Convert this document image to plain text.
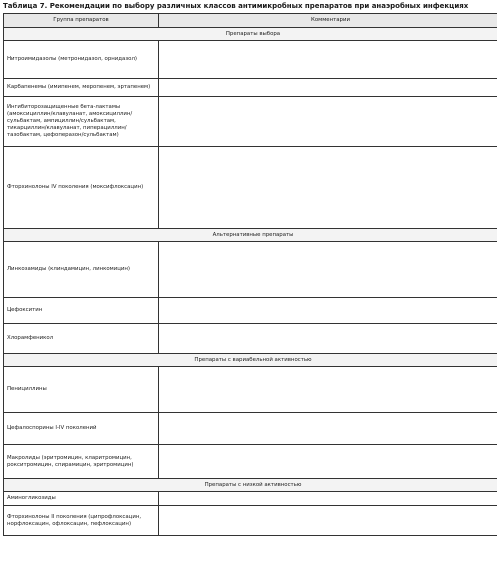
Таблица 7. Рекомендации по выбору различных классов антимикробных препаратов при анаэробных инфекциях
Группа препаратов	Комментарии
Препараты выбора	
Нитроимидазолы (метронидазол, орнидазол)	
Карбапенемы (имипенем, меропенем, эртапенем)	
Ингибиторозащищенные бета-лактамы (амоксициллин/клавуланат, амоксициллин/сульбактам, ампициллин/сульбактам, тикарциллин/клавуланат, пиперациллин/тазобактам, цефоперазон/сульбактам)	
Фторхинолоны IV поколения (моксифлоксацин)	
Альтернативные препараты	
Линкозамиды (клиндамицин, линкомицин)	
Цефокситин	
Хлорамфеникол	
Препараты с вариабельной активностью	
Пенициллины	
Цефалоспорины I-IV поколений	
Макролиды (эритромицин, кларитромицин, рокситромицин, спирамицин, эритромицин)	
Препараты с низкой активностью	
Аминогликозиды	
Фторхинолоны II поколения (ципрофлоксацин, норфлоксацин, офлоксацин, пефлоксацин)	
